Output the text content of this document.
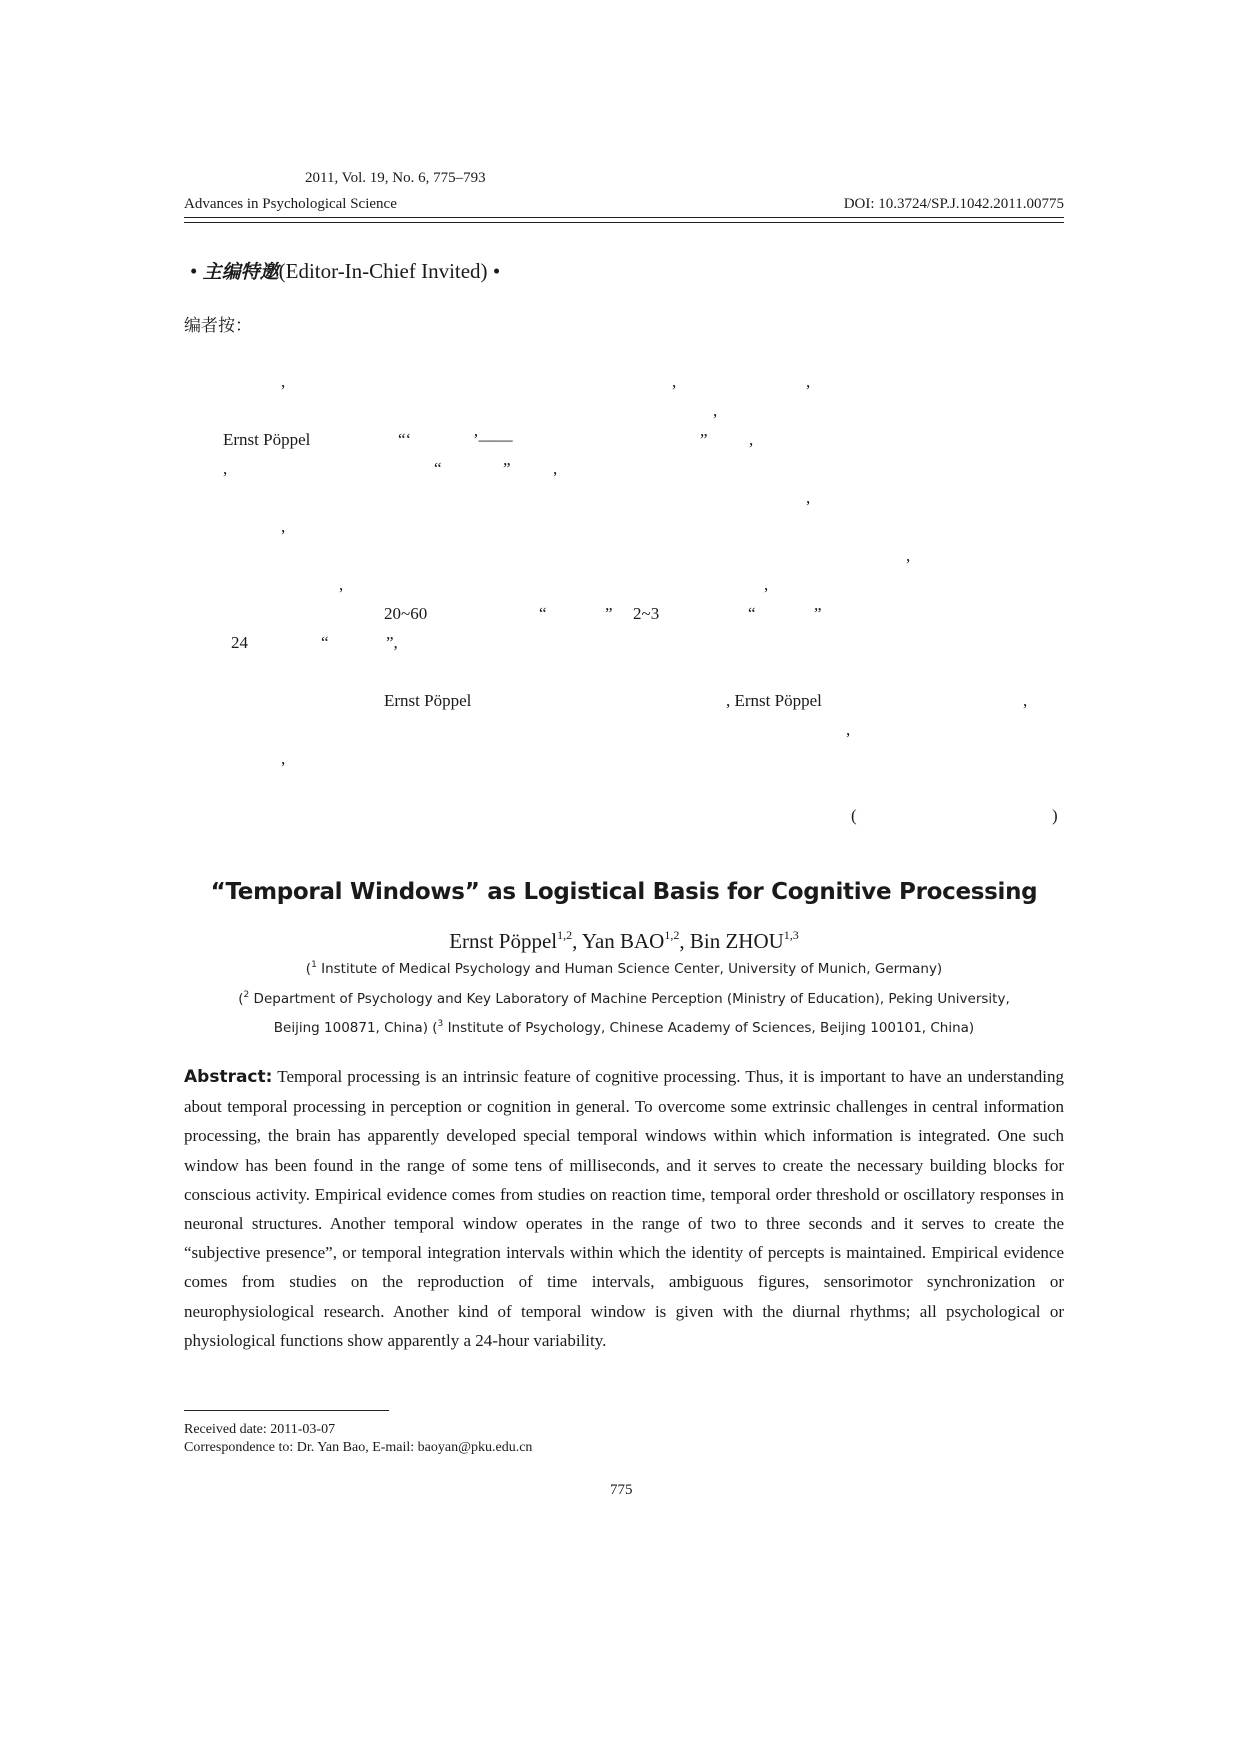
2011, Vol. 19, No. 6, 775–793
Advances in Psychological Science	DOI: 10.3724/SP.J.1042.2011.00775
• 主编特邀(Editor-In-Chief Invited) •
编者按：
,	,	,
,
Ernst Pöppel	“‘	’——	” ,
,	“	” ,
,
,
,
,	,
20~60	“	” 2~3	“	”
24	“	”,
Ernst Pöppel	, Ernst Pöppel	,
,
,
(	)
“Temporal Windows” as Logistical Basis for Cognitive Processing
Ernst Pöppel$^{1,2}$, Yan BAO$^{1,2}$, Bin ZHOU$^{1,3}$
($^1$ Institute of Medical Psychology and Human Science Center, University of Munich, Germany)
($^2$ Department of Psychology and Key Laboratory of Machine Perception (Ministry of Education), Peking University,
Beijing 100871, China) ($^3$ Institute of Psychology, Chinese Academy of Sciences, Beijing 100101, China)
Abstract: Temporal processing is an intrinsic feature of cognitive processing. Thus, it is important to have an understanding about temporal processing in perception or cognition in general. To overcome some extrinsic challenges in central information processing, the brain has apparently developed special temporal windows within which information is integrated. One such window has been found in the range of some tens of milliseconds, and it serves to create the necessary building blocks for conscious activity. Empirical evidence comes from studies on reaction time, temporal order threshold or oscillatory responses in neuronal structures. Another temporal window operates in the range of two to three seconds and it serves to create the “subjective presence”, or temporal integration intervals within which the identity of percepts is maintained. Empirical evidence comes from studies on the reproduction of time intervals, ambiguous figures, sensorimotor synchronization or neurophysiological research. Another kind of temporal window is given with the diurnal rhythms; all psychological or physiological functions show apparently a 24-hour variability.
Received date: 2011-03-07
Correspondence to: Dr. Yan Bao, E-mail: baoyan@pku.edu.cn
775
